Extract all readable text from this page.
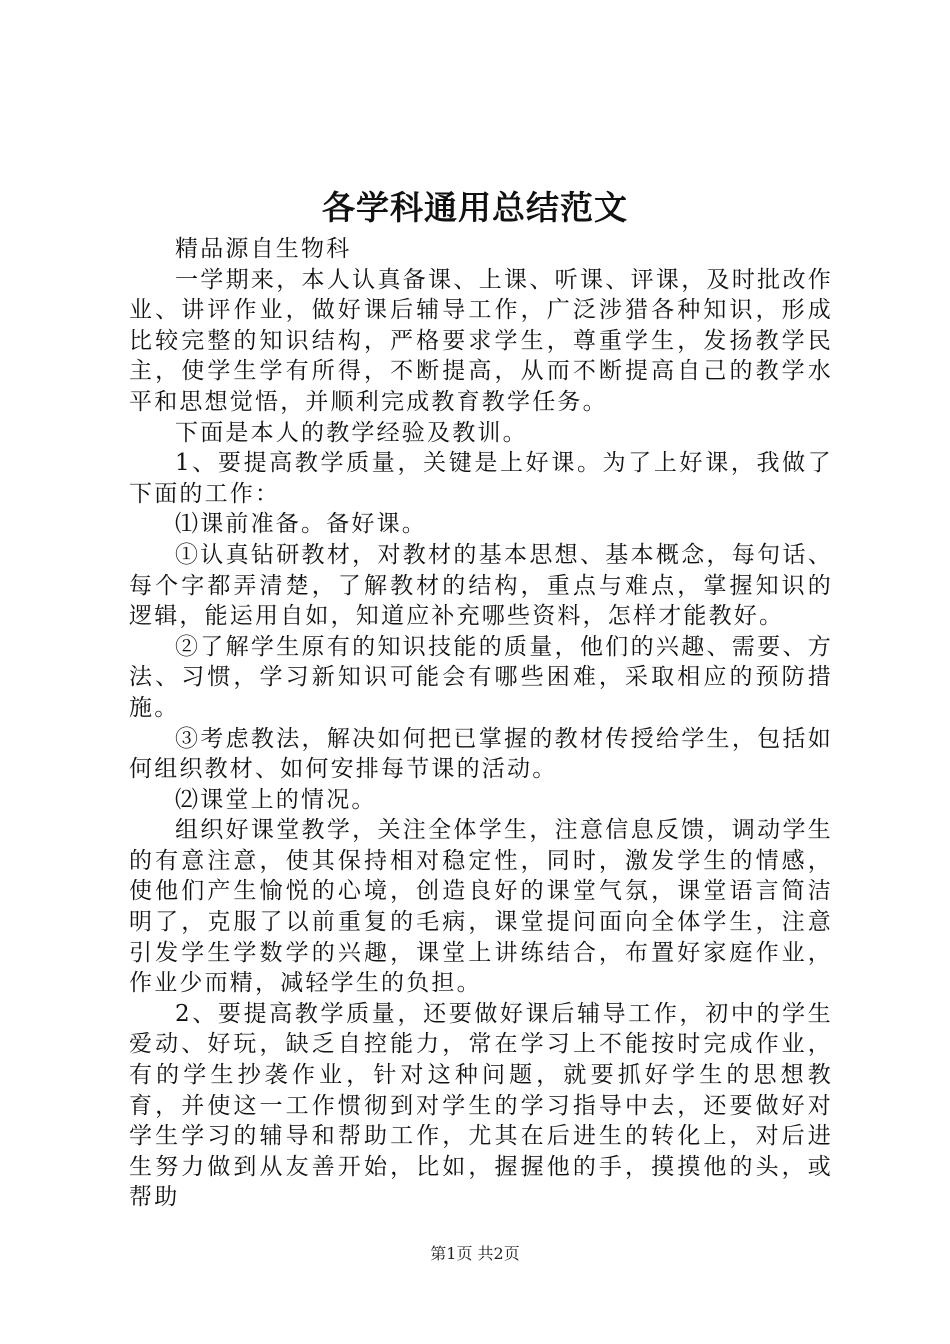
各学科通用总结范文

精品源自生物科

一学期来，本人认真备课、上课、听课、评课，及时批改作业、讲评作业，做好课后辅导工作，广泛涉猎各种知识，形成比较完整的知识结构，严格要求学生，尊重学生，发扬教学民主，使学生学有所得，不断提高，从而不断提高自己的教学水平和思想觉悟，并顺利完成教育教学任务。

下面是本人的教学经验及教训。

1、要提高教学质量，关键是上好课。为了上好课，我做了下面的工作：

⑴课前准备。备好课。

①认真钻研教材，对教材的基本思想、基本概念，每句话、每个字都弄清楚，了解教材的结构，重点与难点，掌握知识的逻辑，能运用自如，知道应补充哪些资料，怎样才能教好。

②了解学生原有的知识技能的质量，他们的兴趣、需要、方法、习惯，学习新知识可能会有哪些困难，采取相应的预防措施。

③考虑教法，解决如何把已掌握的教材传授给学生，包括如何组织教材、如何安排每节课的活动。

⑵课堂上的情况。

组织好课堂教学，关注全体学生，注意信息反馈，调动学生的有意注意，使其保持相对稳定性，同时，激发学生的情感，使他们产生愉悦的心境，创造良好的课堂气氛，课堂语言简洁明了，克服了以前重复的毛病，课堂提问面向全体学生，注意引发学生学数学的兴趣，课堂上讲练结合，布置好家庭作业，作业少而精，减轻学生的负担。

2、要提高教学质量，还要做好课后辅导工作，初中的学生爱动、好玩，缺乏自控能力，常在学习上不能按时完成作业，有的学生抄袭作业，针对这种问题，就要抓好学生的思想教育，并使这一工作惯彻到对学生的学习指导中去，还要做好对学生学习的辅导和帮助工作，尤其在后进生的转化上，对后进生努力做到从友善开始，比如，握握他的手，摸摸他的头，或帮助

第1页 共2页
